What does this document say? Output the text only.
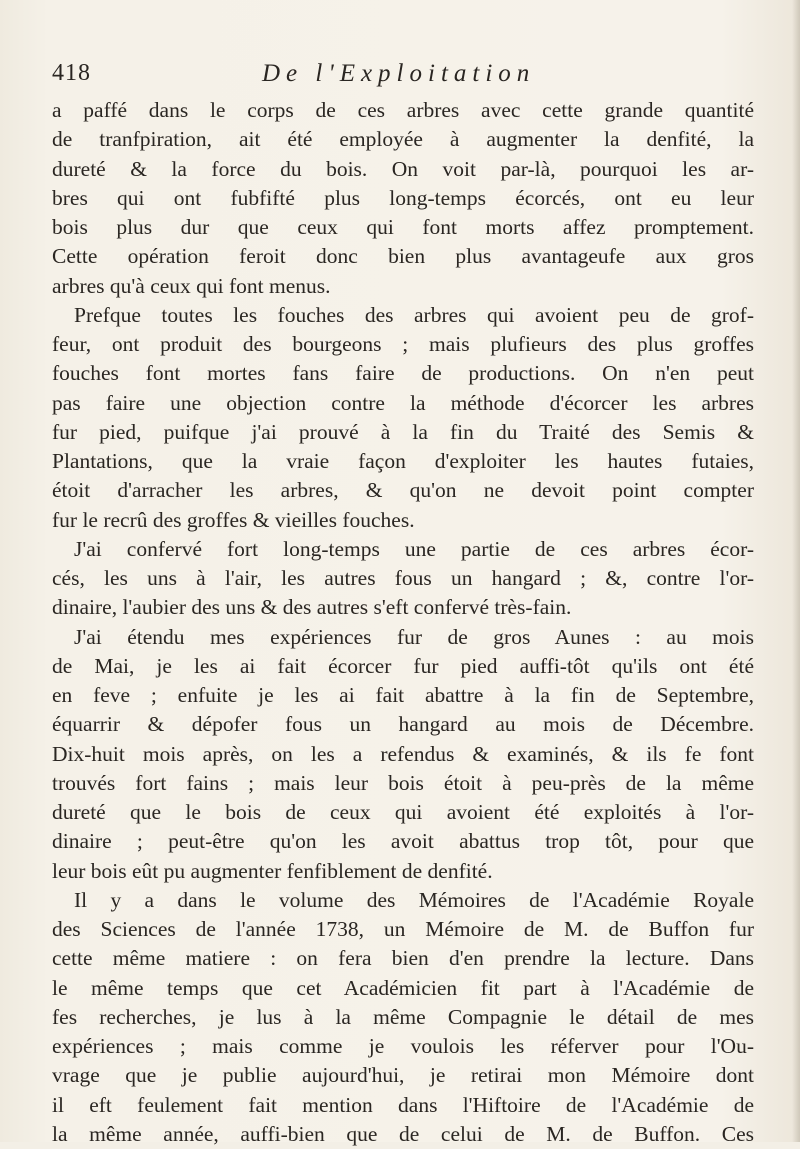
418	De l'Exploitation
a paffé dans le corps de ces arbres avec cette grande quantité
de tranfpiration, ait été employée à augmenter la denfité, la
dureté & la force du bois. On voit par-là, pourquoi les ar-
bres qui ont fubfifté plus long-temps écorcés, ont eu leur
bois plus dur que ceux qui font morts affez promptement.
Cette opération feroit donc bien plus avantageufe aux gros
arbres qu'à ceux qui font menus.
Prefque toutes les fouches des arbres qui avoient peu de grof-
feur, ont produit des bourgeons ; mais plufieurs des plus groffes
fouches font mortes fans faire de productions. On n'en peut
pas faire une objection contre la méthode d'écorcer les arbres
fur pied, puifque j'ai prouvé à la fin du Traité des Semis &
Plantations, que la vraie façon d'exploiter les hautes futaies,
étoit d'arracher les arbres, & qu'on ne devoit point compter
fur le recrû des groffes & vieilles fouches.
J'ai confervé fort long-temps une partie de ces arbres écor-
cés, les uns à l'air, les autres fous un hangard ; &, contre l'or-
dinaire, l'aubier des uns & des autres s'eft confervé très-fain.
J'ai étendu mes expériences fur de gros Aunes : au mois
de Mai, je les ai fait écorcer fur pied auffi-tôt qu'ils ont été
en feve ; enfuite je les ai fait abattre à la fin de Septembre,
équarrir & dépofer fous un hangard au mois de Décembre.
Dix-huit mois après, on les a refendus & examinés, & ils fe font
trouvés fort fains ; mais leur bois étoit à peu-près de la même
dureté que le bois de ceux qui avoient été exploités à l'or-
dinaire ; peut-être qu'on les avoit abattus trop tôt, pour que
leur bois eût pu augmenter fenfiblement de denfité.
Il y a dans le volume des Mémoires de l'Académie Royale
des Sciences de l'année 1738, un Mémoire de M. de Buffon fur
cette même matiere : on fera bien d'en prendre la lecture. Dans
le même temps que cet Académicien fit part à l'Académie de
fes recherches, je lus à la même Compagnie le détail de mes
expériences ; mais comme je voulois les réferver pour l'Ou-
vrage que je publie aujourd'hui, je retirai mon Mémoire dont
il eft feulement fait mention dans l'Hiftoire de l'Académie de
la même année, auffi-bien que de celui de M. de Buffon. Ces
